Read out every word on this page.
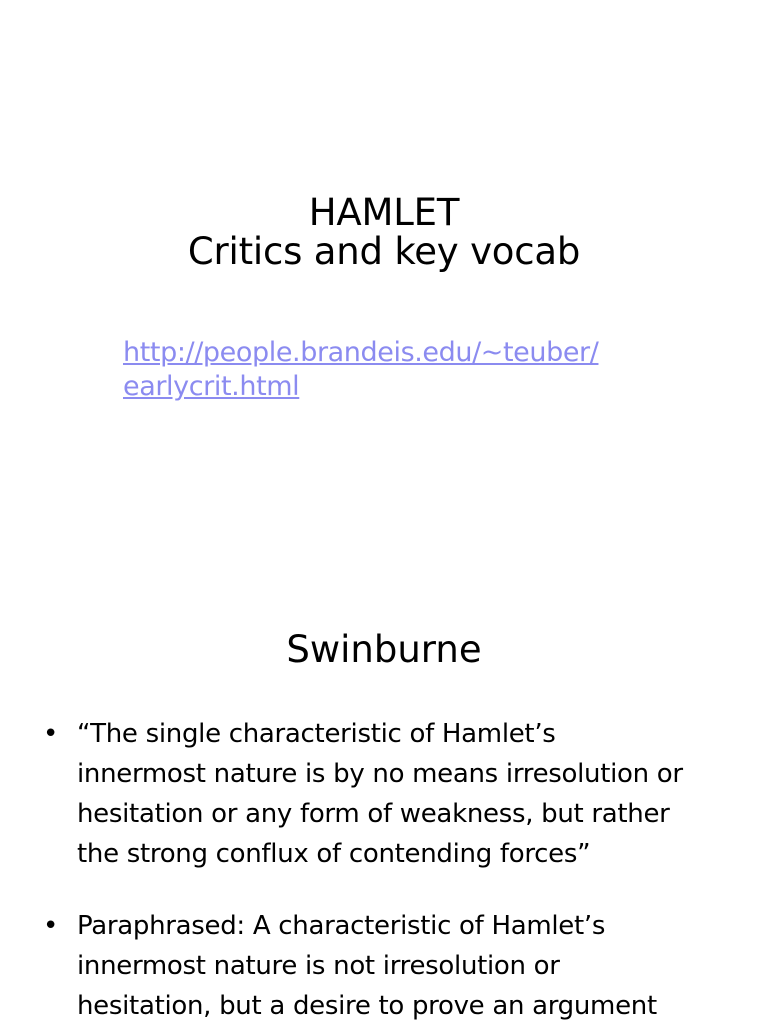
HAMLET
Critics and key vocab
http://people.brandeis.edu/~teuber/
earlycrit.html
Swinburne
• “The single characteristic of Hamlet’s
innermost nature is by no means irresolution or
hesitation or any form of weakness, but rather
the strong conflux of contending forces”
• Paraphrased: A characteristic of Hamlet’s
innermost nature is not irresolution or
hesitation, but a desire to prove an argument
